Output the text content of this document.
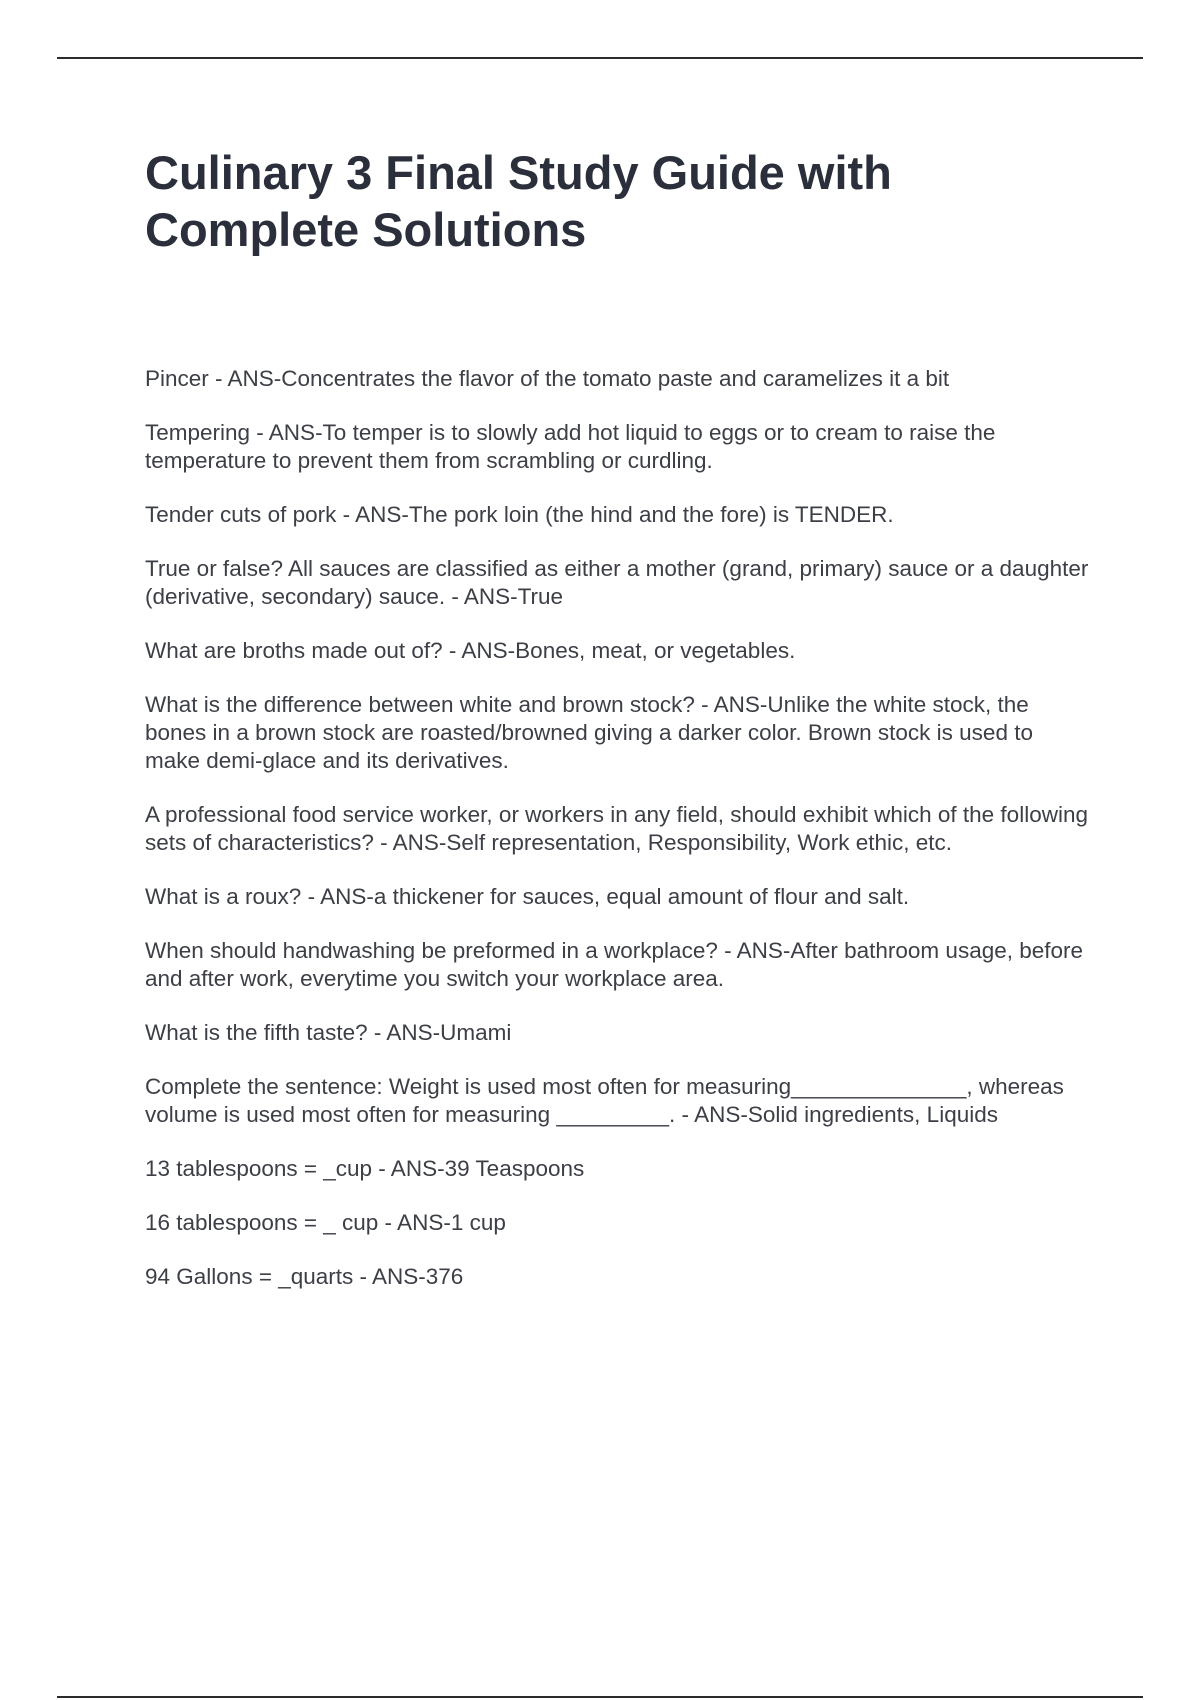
Culinary 3 Final Study Guide with Complete Solutions
Pincer - ANS-Concentrates the flavor of the tomato paste and caramelizes it a bit
Tempering - ANS-To temper is to slowly add hot liquid to eggs or to cream to raise the temperature to prevent them from scrambling or curdling.
Tender cuts of pork - ANS-The pork loin (the hind and the fore) is TENDER.
True or false? All sauces are classified as either a mother (grand, primary) sauce or a daughter (derivative, secondary) sauce. - ANS-True
What are broths made out of? - ANS-Bones, meat, or vegetables.
What is the difference between white and brown stock? - ANS-Unlike the white stock, the bones in a brown stock are roasted/browned giving a darker color. Brown stock is used to make demi-glace and its derivatives.
A professional food service worker, or workers in any field, should exhibit which of the following sets of characteristics? - ANS-Self representation, Responsibility, Work ethic, etc.
What is a roux? - ANS-a thickener for sauces, equal amount of flour and salt.
When should handwashing be preformed in a workplace? - ANS-After bathroom usage, before and after work, everytime you switch your workplace area.
What is the fifth taste? - ANS-Umami
Complete the sentence: Weight is used most often for measuring______________, whereas volume is used most often for measuring _________. - ANS-Solid ingredients, Liquids
13 tablespoons = _cup - ANS-39 Teaspoons
16 tablespoons = _ cup - ANS-1 cup
94 Gallons = _quarts - ANS-376
